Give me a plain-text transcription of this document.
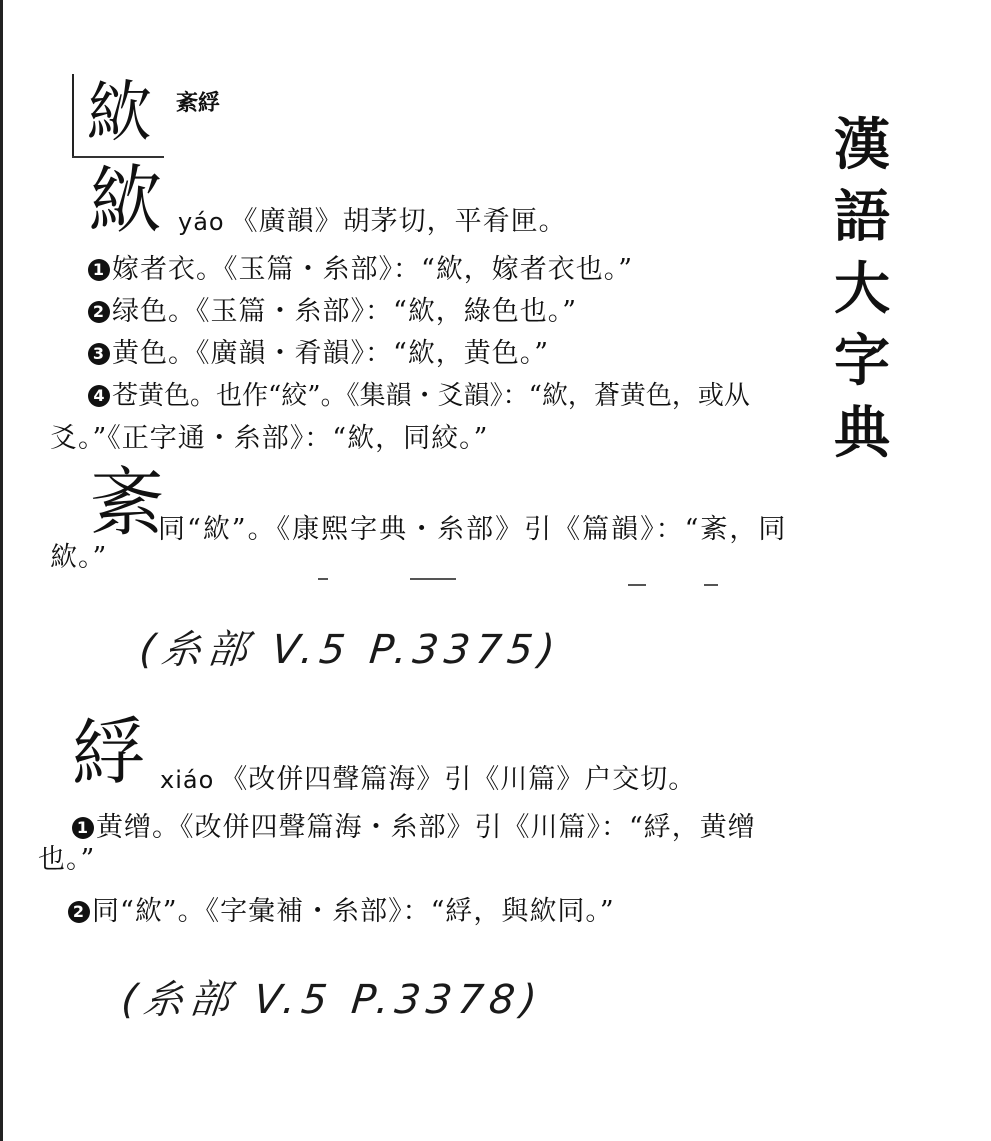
絘 紊綒
漢
語
大
字
典
絘 yáo 《廣韻》胡茅切，平肴匣。
1 嫁者衣。《玉篇・糸部》：“絘，嫁者衣也。”
2 绿色。《玉篇・糸部》：“絘，綠色也。”
3 黄色。《廣韻・肴韻》：“絘，黄色。”
4 苍黄色。也作“絞”。《集韻・爻韻》：“絘，蒼黄色，或从
爻。”《正字通・糸部》：“絘，同絞。”
紊
同“絘”。《康熙字典・糸部》引《篇韻》：“紊，同
絘。”
(糸部 V.5 P.3375)
綒 xiáo 《改併四聲篇海》引《川篇》户交切。
1 黄缯。《改併四聲篇海・糸部》引《川篇》：“綒，黄缯
也。”
2 同“絘”。《字彙補・糸部》：“綒，與絘同。”
(糸部 V.5 P.3378)
